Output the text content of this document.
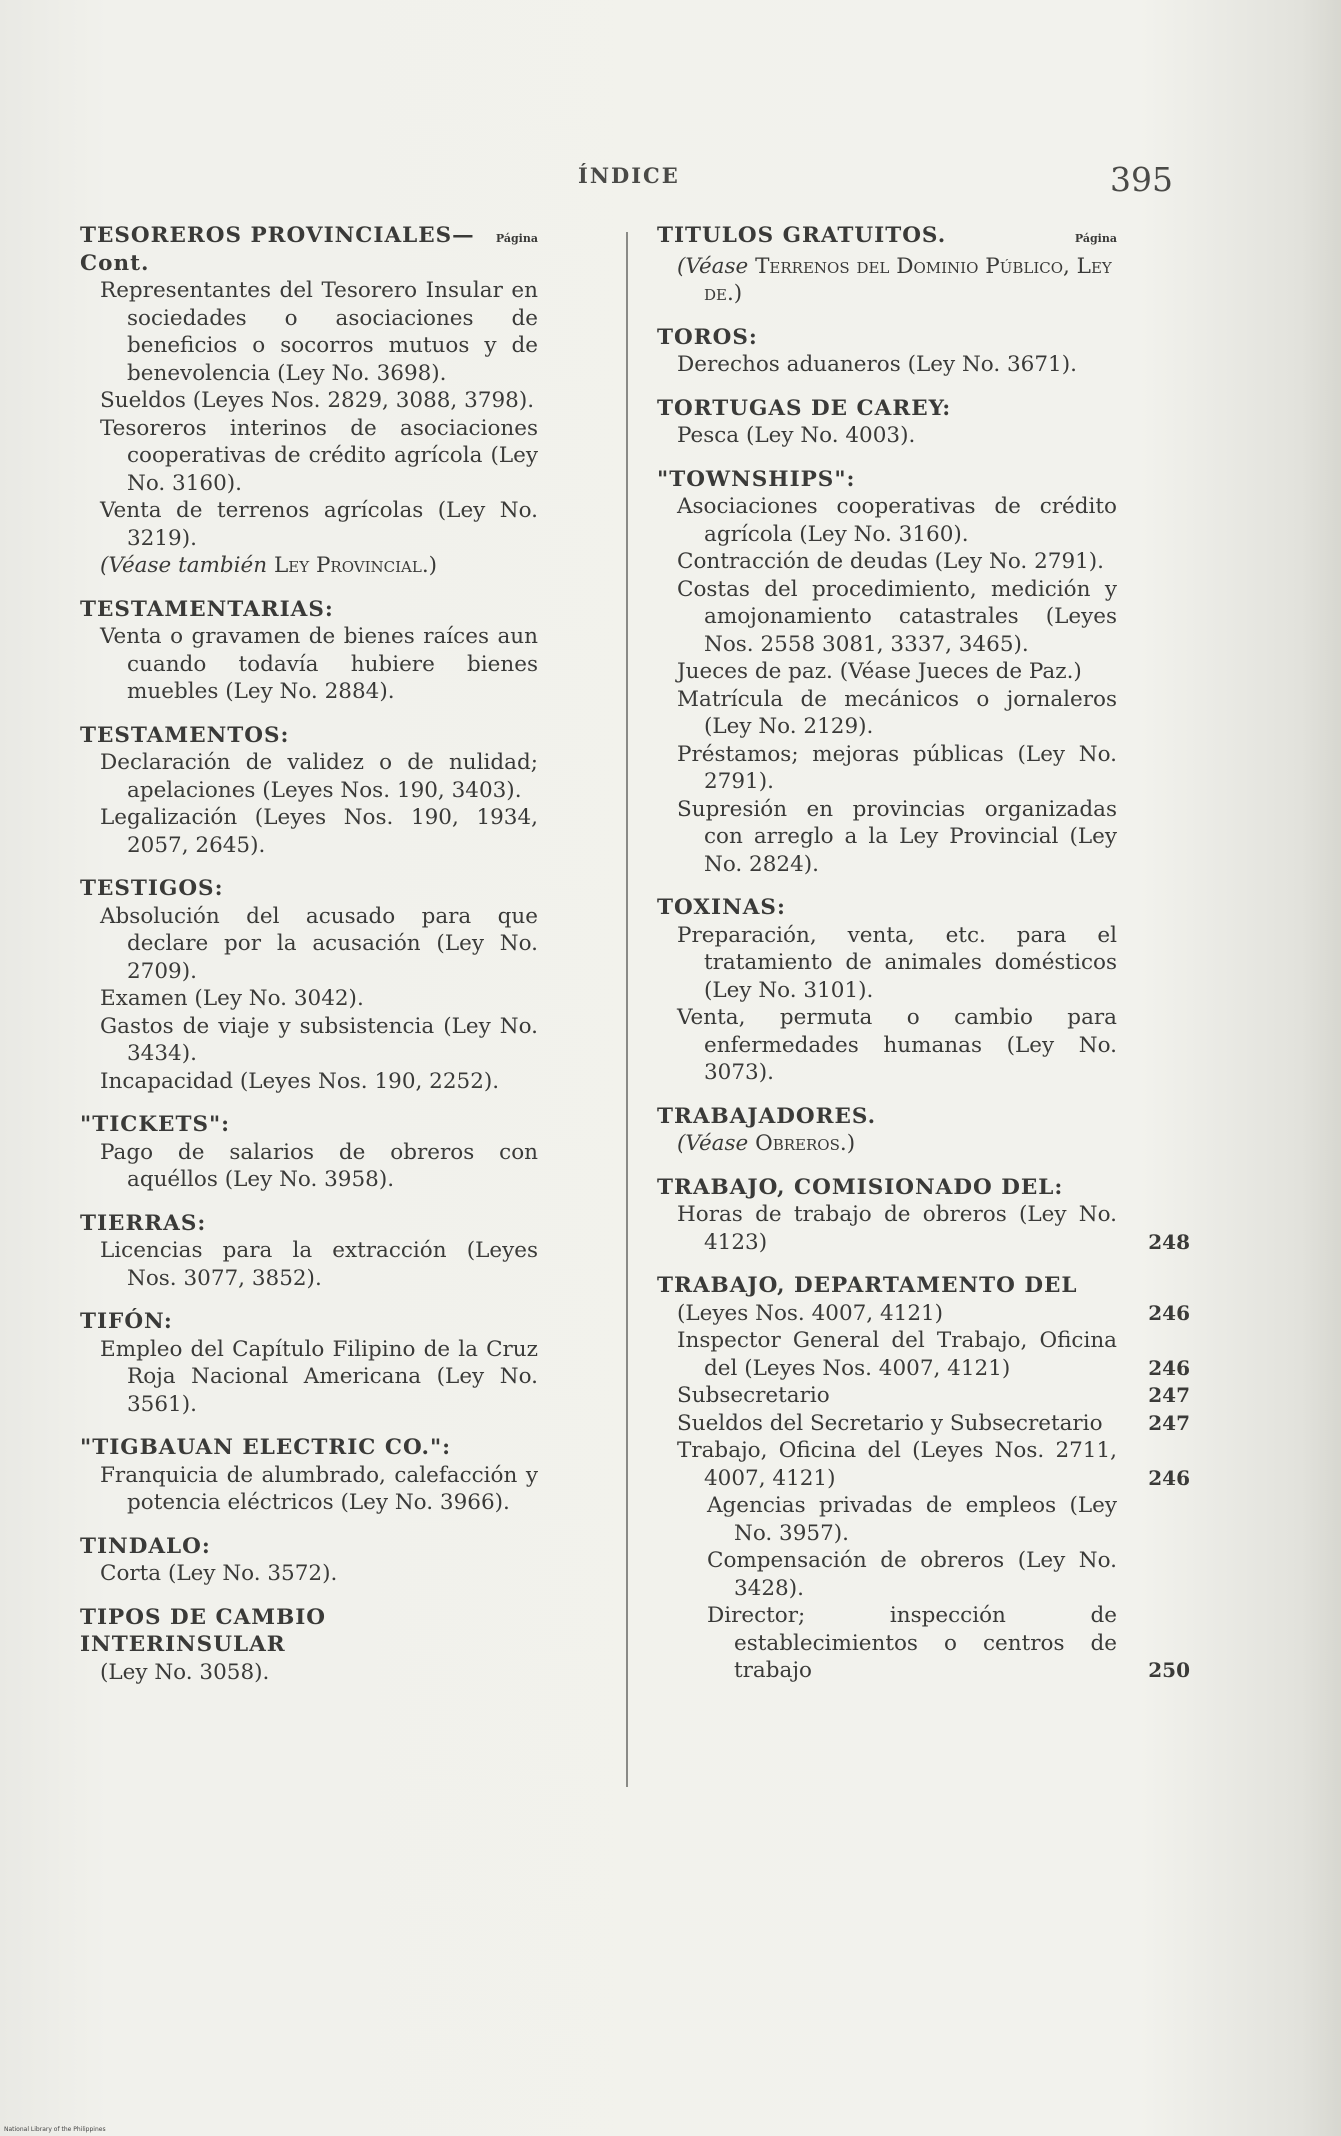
ÍNDICE	395
TESOREROS PROVINCIALES—Cont.
Página
Representantes del Tesorero Insular en sociedades o asociaciones de beneficios o socorros mutuos y de benevolencia (Ley No. 3698).
Sueldos (Leyes Nos. 2829, 3088, 3798).
Tesoreros interinos de asociaciones cooperativas de crédito agrícola (Ley No. 3160).
Venta de terrenos agrícolas (Ley No. 3219).
(Véase también Ley Provincial.)
TESTAMENTARIAS:
Venta o gravamen de bienes raíces aun cuando todavía hubiere bienes muebles (Ley No. 2884).
TESTAMENTOS:
Declaración de validez o de nulidad; apelaciones (Leyes Nos. 190, 3403).
Legalización (Leyes Nos. 190, 1934, 2057, 2645).
TESTIGOS:
Absolución del acusado para que declare por la acusación (Ley No. 2709).
Examen (Ley No. 3042).
Gastos de viaje y subsistencia (Ley No. 3434).
Incapacidad (Leyes Nos. 190, 2252).
"TICKETS":
Pago de salarios de obreros con aquéllos (Ley No. 3958).
TIERRAS:
Licencias para la extracción (Leyes Nos. 3077, 3852).
TIFÓN:
Empleo del Capítulo Filipino de la Cruz Roja Nacional Americana (Ley No. 3561).
"TIGBAUAN ELECTRIC CO.":
Franquicia de alumbrado, calefacción y potencia eléctricos (Ley No. 3966).
TINDALO:
Corta (Ley No. 3572).
TIPOS DE CAMBIO INTERINSULAR
(Ley No. 3058).
TITULOS GRATUITOS.	Página
(Véase Terrenos del Dominio Público, Ley de.)
TOROS:
Derechos aduaneros (Ley No. 3671).
TORTUGAS DE CAREY:
Pesca (Ley No. 4003).
"TOWNSHIPS":
Asociaciones cooperativas de crédito agrícola (Ley No. 3160).
Contracción de deudas (Ley No. 2791).
Costas del procedimiento, medición y amojonamiento catastrales (Leyes Nos. 2558 3081, 3337, 3465).
Jueces de paz. (Véase Jueces de Paz.)
Matrícula de mecánicos o jornaleros (Ley No. 2129).
Préstamos; mejoras públicas (Ley No. 2791).
Supresión en provincias organizadas con arreglo a la Ley Provincial (Ley No. 2824).
TOXINAS:
Preparación, venta, etc. para el tratamiento de animales domésticos (Ley No. 3101).
Venta, permuta o cambio para enfermedades humanas (Ley No. 3073).
TRABAJADORES.
(Véase Obreros.)
TRABAJO, COMISIONADO DEL:
Horas de trabajo de obreros (Ley No. 4123)	248
TRABAJO, DEPARTAMENTO DEL
(Leyes Nos. 4007, 4121)	246
Inspector General del Trabajo, Oficina del (Leyes Nos. 4007, 4121)	246
Subsecretario	247
Sueldos del Secretario y Subsecretario 247
Trabajo, Oficina del (Leyes Nos. 2711, 4007, 4121)	246
Agencias privadas de empleos (Ley No. 3957).
Compensación de obreros (Ley No. 3428).
Director; inspección de establecimientos o centros de trabajo	250
National Library of the Philippines
